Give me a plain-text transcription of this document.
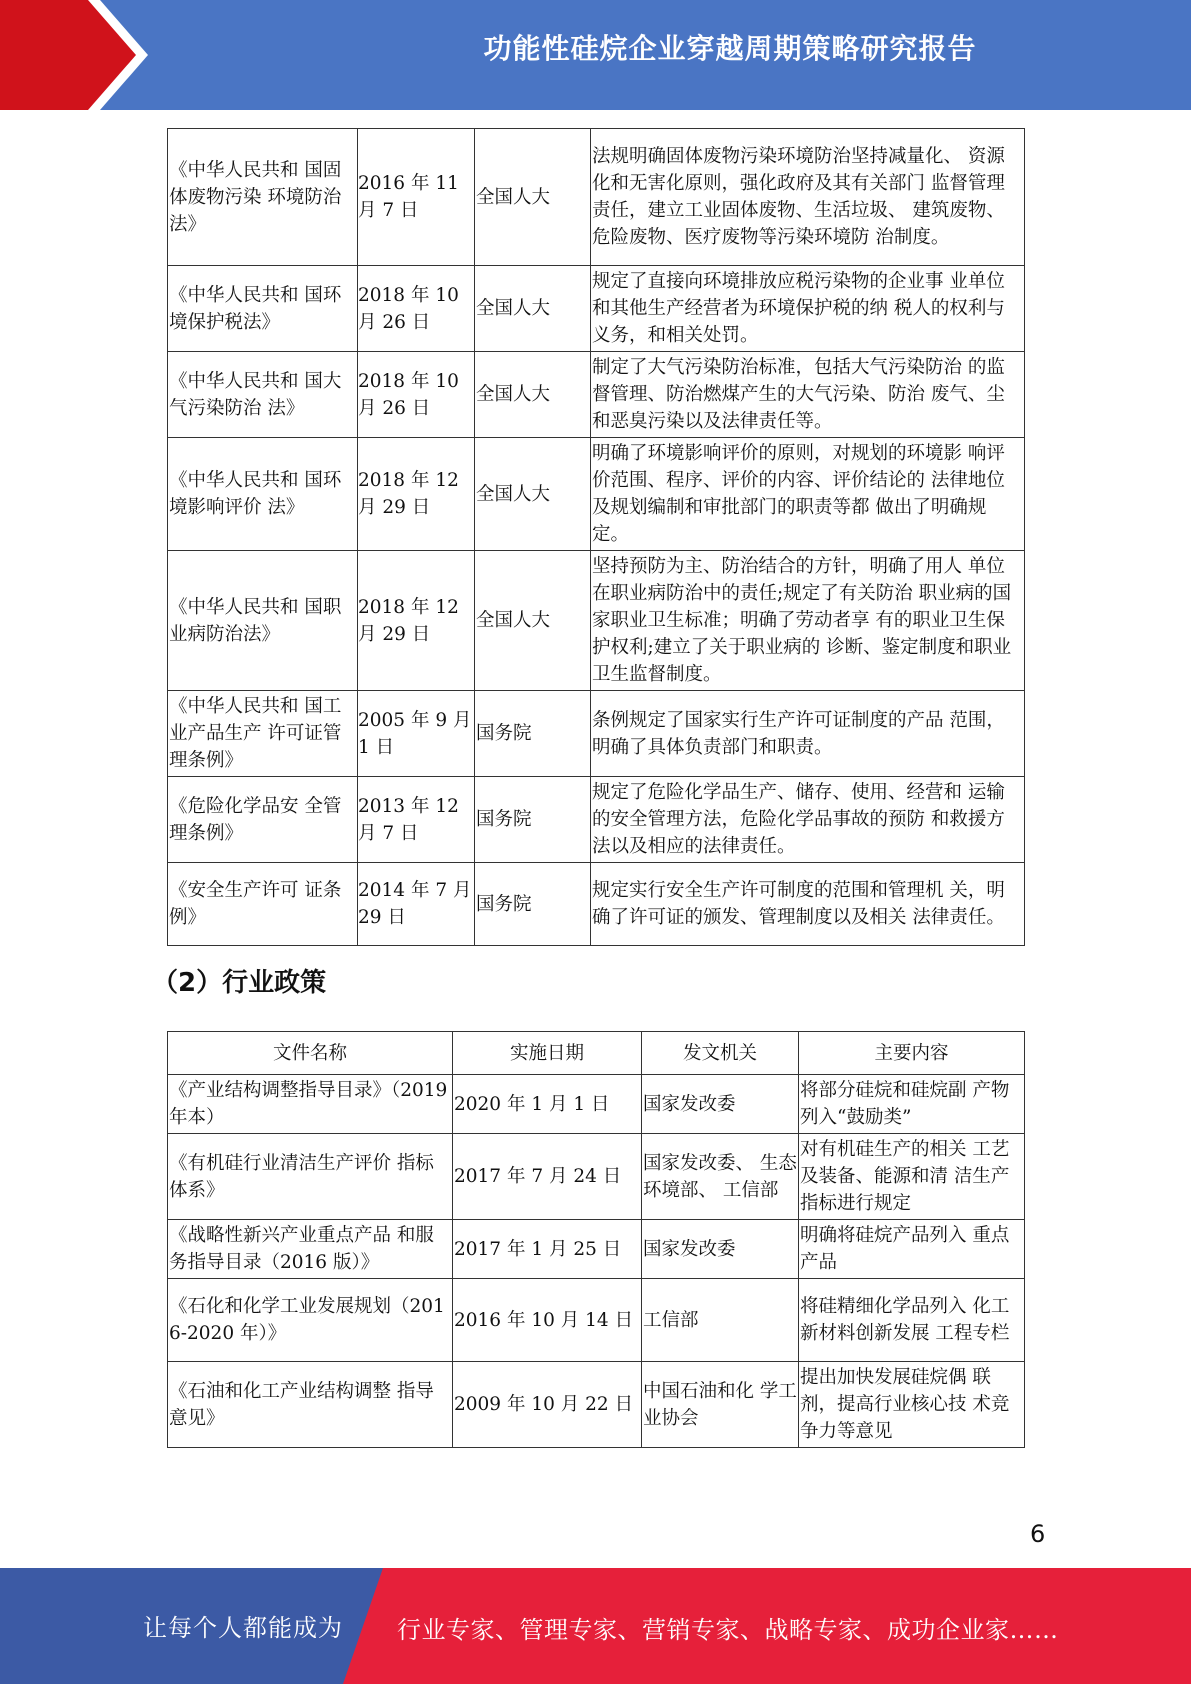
功能性硅烷企业穿越周期策略研究报告
《中华人民共和 国固体废物污染 环境防治法》	2016 年 11 月 7 日	全国人大	法规明确固体废物污染环境防治坚持减量化、 资源化和无害化原则，强化政府及其有关部门 监督管理责任，建立工业固体废物、生活垃圾、 建筑废物、危险废物、医疗废物等污染环境防 治制度。
《中华人民共和 国环境保护税法》	2018 年 10 月 26 日	全国人大	规定了直接向环境排放应税污染物的企业事 业单位和其他生产经营者为环境保护税的纳 税人的权利与义务，和相关处罚。
《中华人民共和 国大气污染防治 法》	2018 年 10 月 26 日	全国人大	制定了大气污染防治标准，包括大气污染防治 的监督管理、防治燃煤产生的大气污染、防治 废气、尘和恶臭污染以及法律责任等。
《中华人民共和 国环境影响评价 法》	2018 年 12 月 29 日	全国人大	明确了环境影响评价的原则，对规划的环境影 响评价范围、程序、评价的内容、评价结论的 法律地位及规划编制和审批部门的职责等都 做出了明确规定。
《中华人民共和 国职业病防治法》	2018 年 12 月 29 日	全国人大	坚持预防为主、防治结合的方针，明确了用人 单位在职业病防治中的责任;规定了有关防治 职业病的国家职业卫生标准；明确了劳动者享 有的职业卫生保护权利;建立了关于职业病的 诊断、鉴定制度和职业卫生监督制度。
《中华人民共和 国工业产品生产 许可证管理条例》	2005 年 9 月 1 日	国务院	条例规定了国家实行生产许可证制度的产品 范围，明确了具体负责部门和职责。
《危险化学品安 全管理条例》	2013 年 12 月 7 日	国务院	规定了危险化学品生产、储存、使用、经营和 运输的安全管理方法，危险化学品事故的预防 和救援方法以及相应的法律责任。
《安全生产许可 证条例》	2014 年 7 月 29 日	国务院	规定实行安全生产许可制度的范围和管理机 关，明确了许可证的颁发、管理制度以及相关 法律责任。
（2）行业政策
文件名称	实施日期	发文机关	主要内容
《产业结构调整指导目录》（2019 年本）	2020 年 1 月 1 日	国家发改委	将部分硅烷和硅烷副 产物列入“鼓励类”
《有机硅行业清洁生产评价 指标体系》	2017 年 7 月 24 日	国家发改委、 生态环境部、 工信部	对有机硅生产的相关 工艺及装备、能源和清 洁生产指标进行规定
《战略性新兴产业重点产品 和服务指导目录（2016 版）》	2017 年 1 月 25 日	国家发改委	明确将硅烷产品列入 重点产品
《石化和化学工业发展规划（2016-2020 年）》	2016 年 10 月 14 日	工信部	将硅精细化学品列入 化工新材料创新发展 工程专栏
《石油和化工产业结构调整 指导意见》	2009 年 10 月 22 日	中国石油和化 学工业协会	提出加快发展硅烷偶 联剂，提高行业核心技 术竞争力等意见
6
让每个人都能成为 行业专家、管理专家、营销专家、战略专家、成功企业家……
